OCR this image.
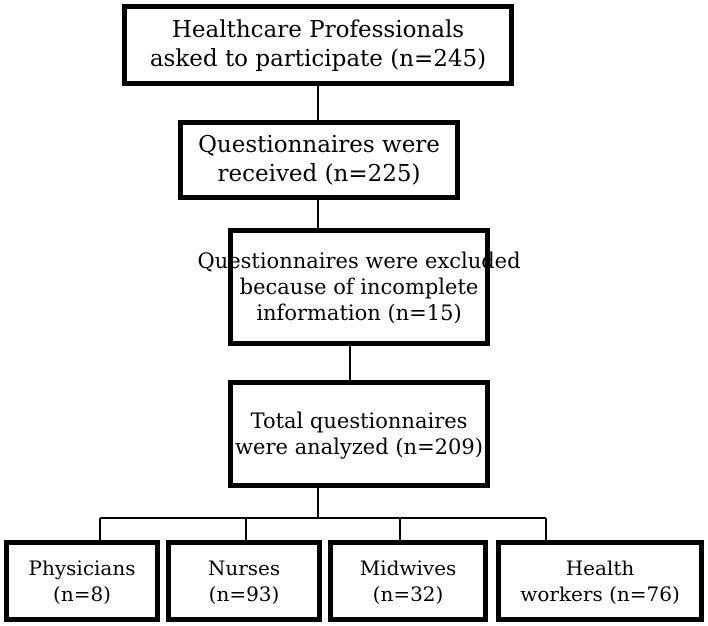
Healthcare Professionals
asked to participate (n=245)
Questionnaires were
received (n=225)
Questionnaires were excluded
because of incomplete
information (n=15)
Total questionnaires
were analyzed (n=209)
Physicians
(n=8)
Nurses
(n=93)
Midwives
(n=32)
Health
workers (n=76)
